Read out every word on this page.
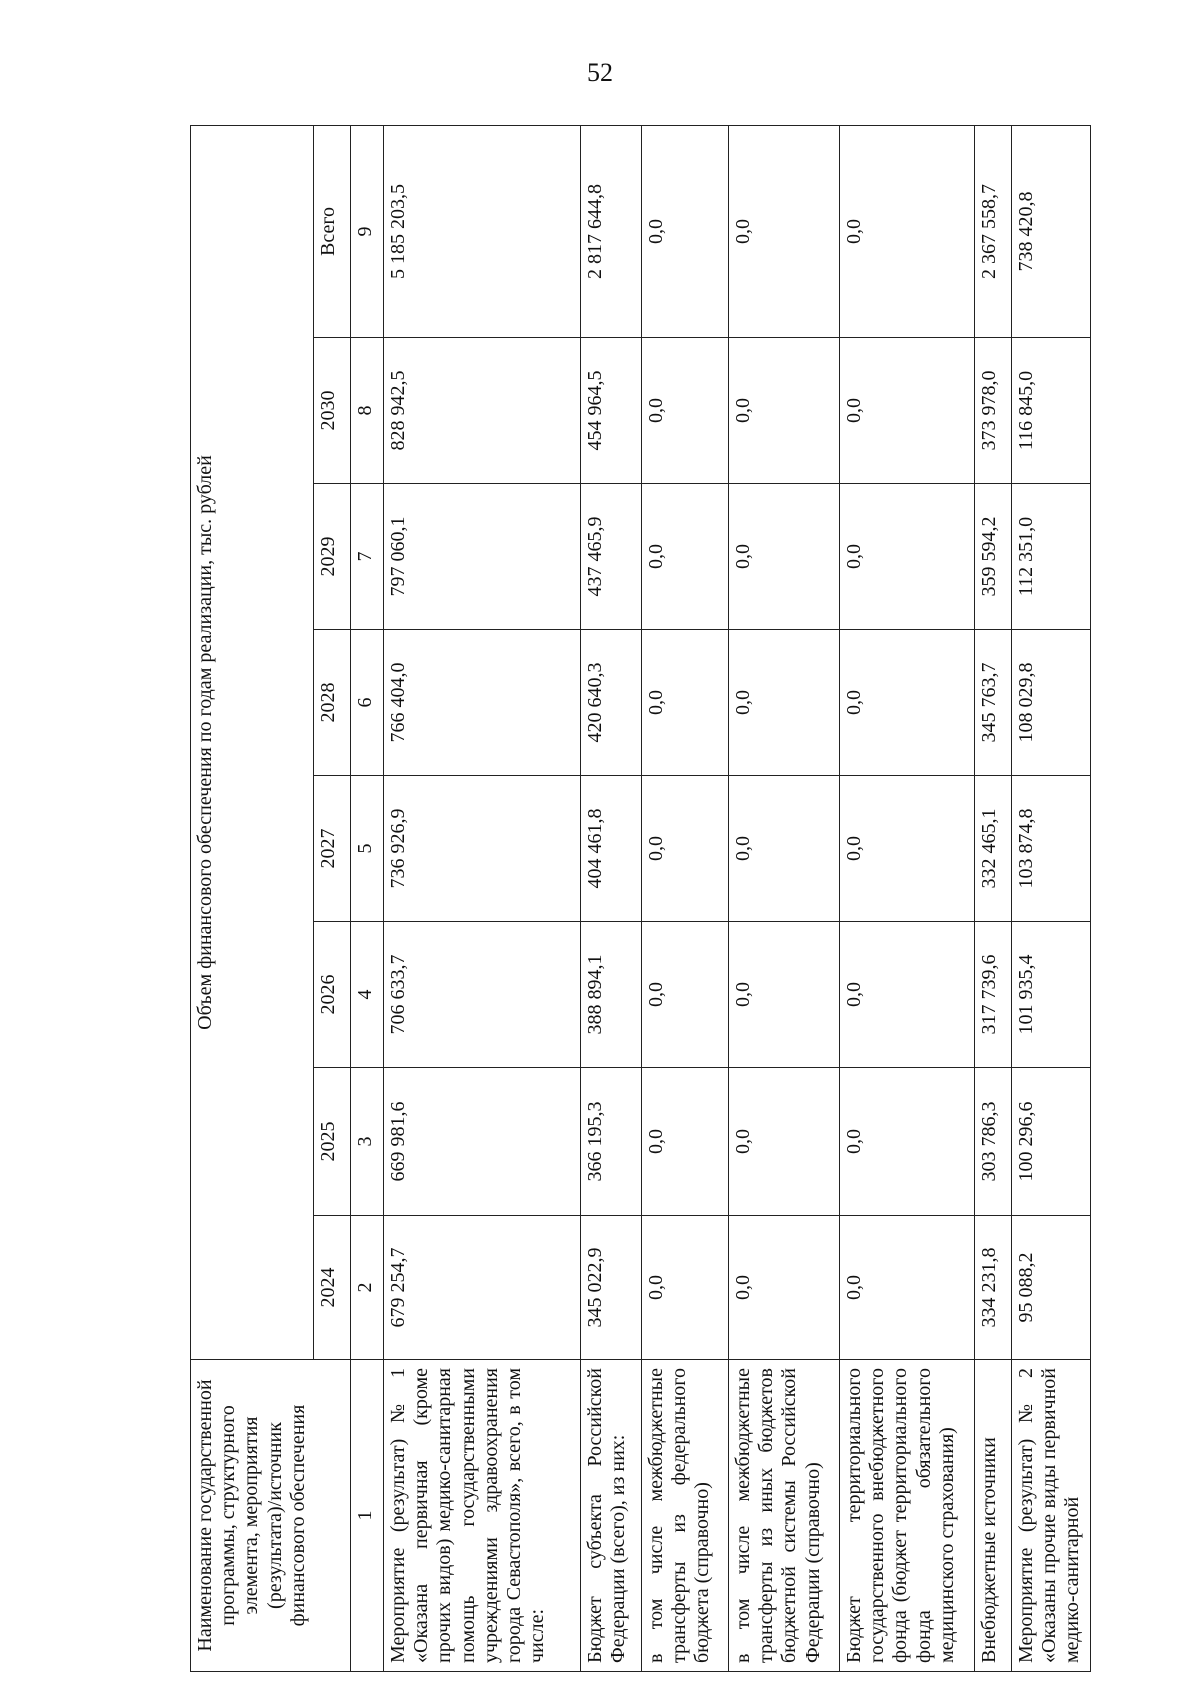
52
Наименование государственной программы, структурного элемента, мероприятия (результата)/источник финансового обеспечения	Объем финансового обеспечения по годам реализации, тыс. рублей							
	2024	2025	2026	2027	2028	2029	2030	Всего
1	2	3	4	5	6	7	8	9

Мероприятие (результат) № 1 «Оказана первичная (кроме прочих видов) медико-санитарная помощь государственными учреждениями здравоохранения города Севастополя», всего, в том числе:	679 254,7	669 981,6	706 633,7	736 926,9	766 404,0	797 060,1	828 942,5	5 185 203,5
Бюджет субъекта Российской Федерации (всего), из них:	345 022,9	366 195,3	388 894,1	404 461,8	420 640,3	437 465,9	454 964,5	2 817 644,8
в том числе межбюджетные трансферты из федерального бюджета (справочно)	0,0	0,0	0,0	0,0	0,0	0,0	0,0	0,0
в том числе межбюджетные трансферты из иных бюджетов бюджетной системы Российской Федерации (справочно)	0,0	0,0	0,0	0,0	0,0	0,0	0,0	0,0
Бюджет территориального государственного внебюджетного фонда (бюджет территориального фонда обязательного медицинского страхования)	0,0	0,0	0,0	0,0	0,0	0,0	0,0	0,0
Внебюджетные источники	334 231,8	303 786,3	317 739,6	332 465,1	345 763,7	359 594,2	373 978,0	2 367 558,7
Мероприятие (результат) № 2 «Оказаны прочие виды первичной медико-санитарной	95 088,2	100 296,6	101 935,4	103 874,8	108 029,8	112 351,0	116 845,0	738 420,8
